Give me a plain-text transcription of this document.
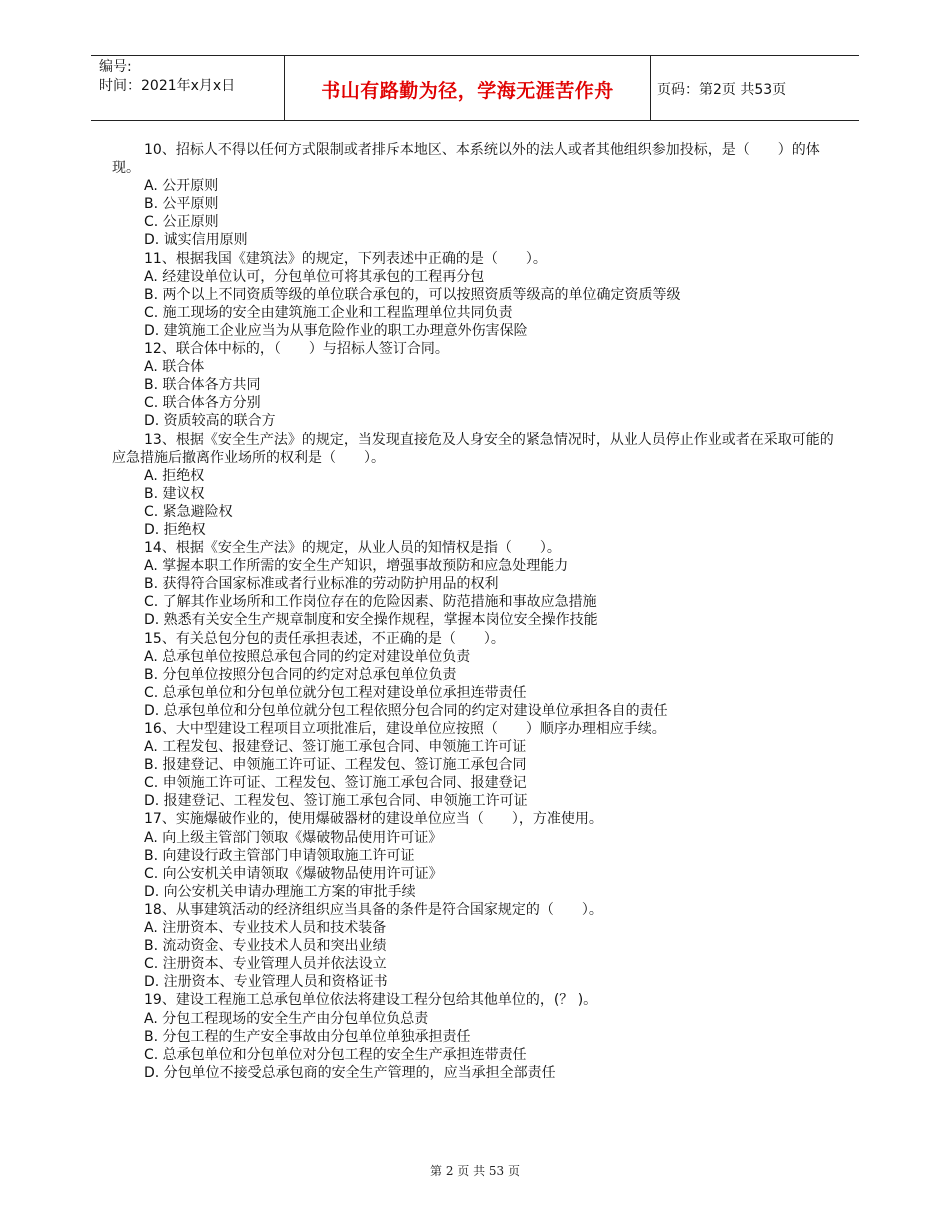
编号:
时间：2021年x月x日	书山有路勤为径，学海无涯苦作舟	页码：第2页 共53页

10、招标人不得以任何方式限制或者排斥本地区、本系统以外的法人或者其他组织参加投标，是（　　）的体现。

A. 公开原则

B. 公平原则

C. 公正原则

D. 诚实信用原则

11、根据我国《建筑法》的规定，下列表述中正确的是（　　）。

A. 经建设单位认可，分包单位可将其承包的工程再分包

B. 两个以上不同资质等级的单位联合承包的，可以按照资质等级高的单位确定资质等级

C. 施工现场的安全由建筑施工企业和工程监理单位共同负责

D. 建筑施工企业应当为从事危险作业的职工办理意外伤害保险

12、联合体中标的，（　　）与招标人签订合同。

A. 联合体

B. 联合体各方共同

C. 联合体各方分别

D. 资质较高的联合方

13、根据《安全生产法》的规定，当发现直接危及人身安全的紧急情况时，从业人员停止作业或者在采取可能的应急措施后撤离作业场所的权利是（　　）。

A. 拒绝权

B. 建议权

C. 紧急避险权

D. 拒绝权

14、根据《安全生产法》的规定，从业人员的知情权是指（　　）。

A. 掌握本职工作所需的安全生产知识，增强事故预防和应急处理能力

B. 获得符合国家标准或者行业标准的劳动防护用品的权利

C. 了解其作业场所和工作岗位存在的危险因素、防范措施和事故应急措施

D. 熟悉有关安全生产规章制度和安全操作规程，掌握本岗位安全操作技能

15、有关总包分包的责任承担表述，不正确的是（　　）。

A. 总承包单位按照总承包合同的约定对建设单位负责

B. 分包单位按照分包合同的约定对总承包单位负责

C. 总承包单位和分包单位就分包工程对建设单位承担连带责任

D. 总承包单位和分包单位就分包工程依照分包合同的约定对建设单位承担各自的责任

16、大中型建设工程项目立项批准后，建设单位应按照（　　）顺序办理相应手续。

A. 工程发包、报建登记、签订施工承包合同、申领施工许可证

B. 报建登记、申领施工许可证、工程发包、签订施工承包合同

C. 申领施工许可证、工程发包、签订施工承包合同、报建登记

D. 报建登记、工程发包、签订施工承包合同、申领施工许可证

17、实施爆破作业的，使用爆破器材的建设单位应当（　　），方准使用。

A. 向上级主管部门领取《爆破物品使用许可证》

B. 向建设行政主管部门申请领取施工许可证

C. 向公安机关申请领取《爆破物品使用许可证》

D. 向公安机关申请办理施工方案的审批手续

18、从事建筑活动的经济组织应当具备的条件是符合国家规定的（　　）。

A. 注册资本、专业技术人员和技术装备

B. 流动资金、专业技术人员和突出业绩

C. 注册资本、专业管理人员并依法设立

D. 注册资本、专业管理人员和资格证书

19、建设工程施工总承包单位依法将建设工程分包给其他单位的，(？ )。

A. 分包工程现场的安全生产由分包单位负总责

B. 分包工程的生产安全事故由分包单位单独承担责任

C. 总承包单位和分包单位对分包工程的安全生产承担连带责任

D. 分包单位不接受总承包商的安全生产管理的，应当承担全部责任

第 2 页 共 53 页
